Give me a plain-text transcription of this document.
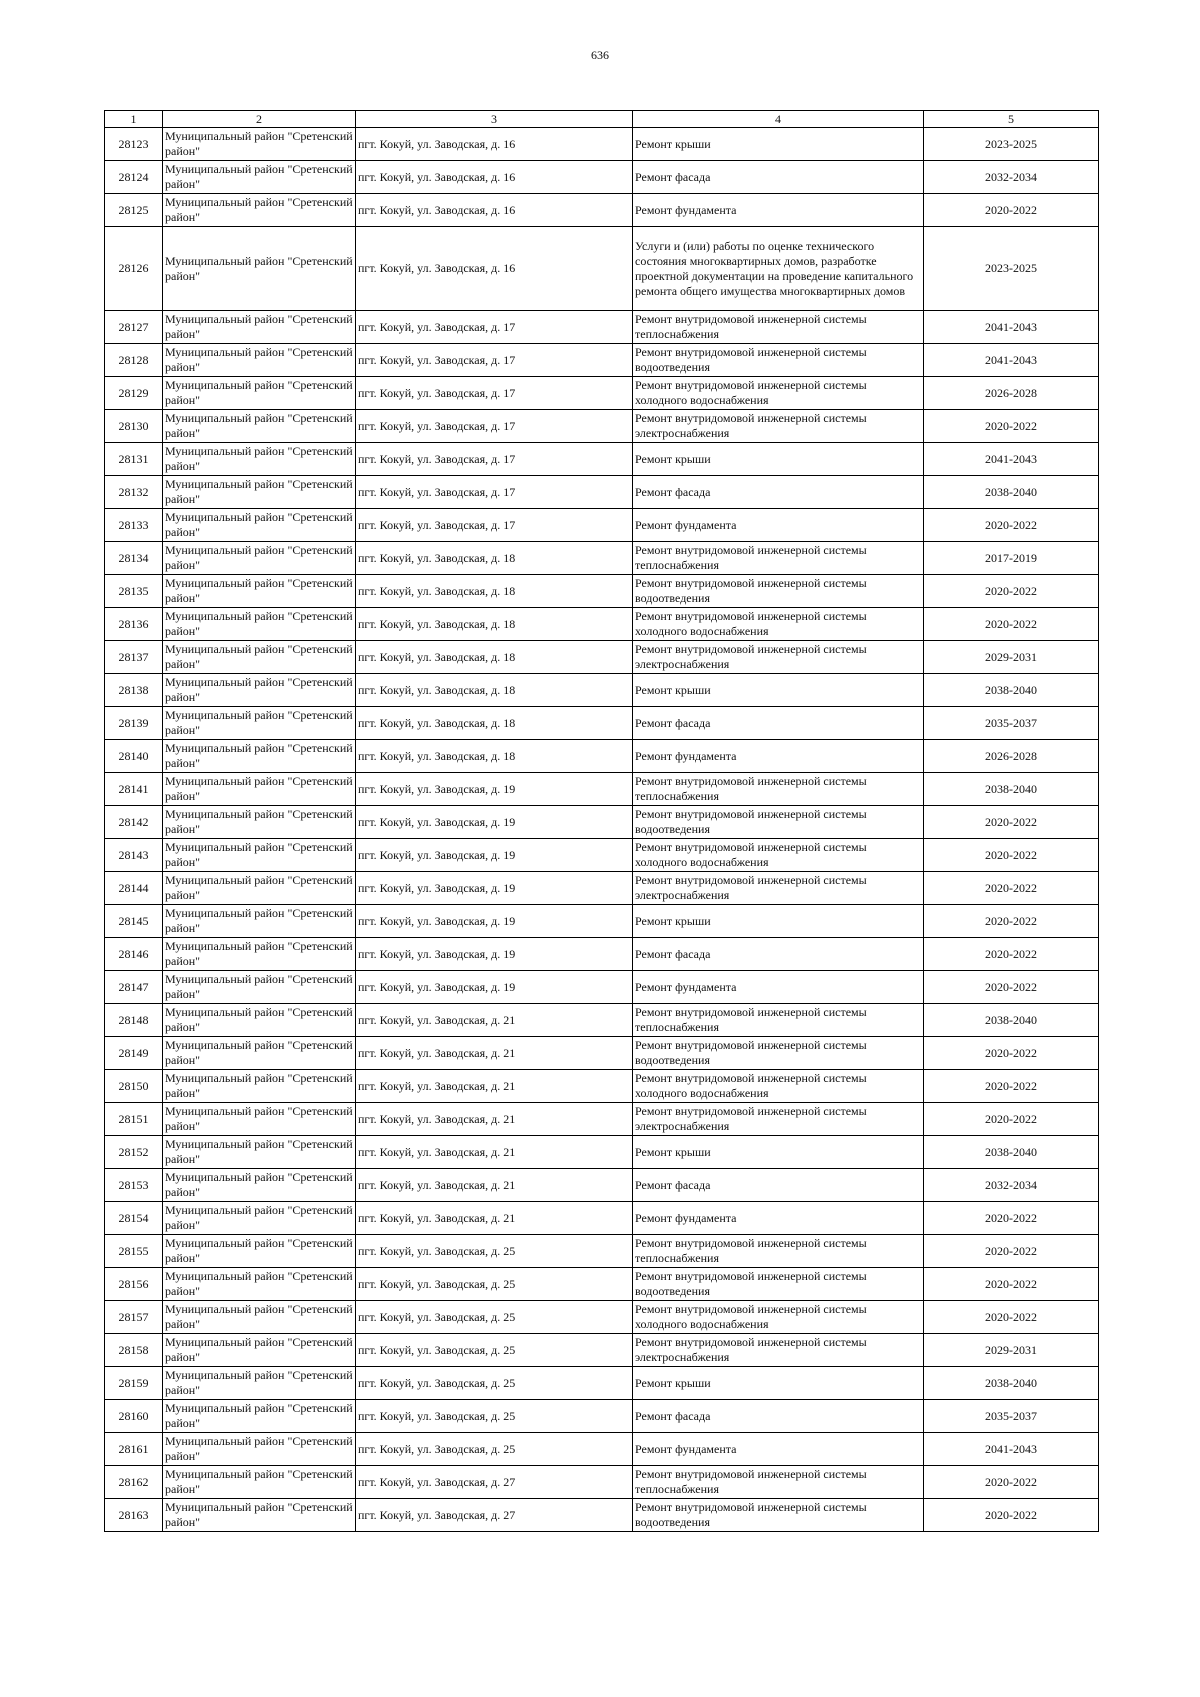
636
1	2	3	4	5
28123	Муниципальный район "Сретенский район"	пгт. Кокуй, ул. Заводская, д. 16	Ремонт крыши	2023-2025
28124	Муниципальный район "Сретенский район"	пгт. Кокуй, ул. Заводская, д. 16	Ремонт фасада	2032-2034
28125	Муниципальный район "Сретенский район"	пгт. Кокуй, ул. Заводская, д. 16	Ремонт фундамента	2020-2022
28126	Муниципальный район "Сретенский район"	пгт. Кокуй, ул. Заводская, д. 16	Услуги и (или) работы по оценке технического состояния многоквартирных домов, разработке проектной документации на проведение капитального ремонта общего имущества многоквартирных домов	2023-2025
28127	Муниципальный район "Сретенский район"	пгт. Кокуй, ул. Заводская, д. 17	Ремонт внутридомовой инженерной системы теплоснабжения	2041-2043
28128	Муниципальный район "Сретенский район"	пгт. Кокуй, ул. Заводская, д. 17	Ремонт внутридомовой инженерной системы водоотведения	2041-2043
28129	Муниципальный район "Сретенский район"	пгт. Кокуй, ул. Заводская, д. 17	Ремонт внутридомовой инженерной системы холодного водоснабжения	2026-2028
28130	Муниципальный район "Сретенский район"	пгт. Кокуй, ул. Заводская, д. 17	Ремонт внутридомовой инженерной системы электроснабжения	2020-2022
28131	Муниципальный район "Сретенский район"	пгт. Кокуй, ул. Заводская, д. 17	Ремонт крыши	2041-2043
28132	Муниципальный район "Сретенский район"	пгт. Кокуй, ул. Заводская, д. 17	Ремонт фасада	2038-2040
28133	Муниципальный район "Сретенский район"	пгт. Кокуй, ул. Заводская, д. 17	Ремонт фундамента	2020-2022
28134	Муниципальный район "Сретенский район"	пгт. Кокуй, ул. Заводская, д. 18	Ремонт внутридомовой инженерной системы теплоснабжения	2017-2019
28135	Муниципальный район "Сретенский район"	пгт. Кокуй, ул. Заводская, д. 18	Ремонт внутридомовой инженерной системы водоотведения	2020-2022
28136	Муниципальный район "Сретенский район"	пгт. Кокуй, ул. Заводская, д. 18	Ремонт внутридомовой инженерной системы холодного водоснабжения	2020-2022
28137	Муниципальный район "Сретенский район"	пгт. Кокуй, ул. Заводская, д. 18	Ремонт внутридомовой инженерной системы электроснабжения	2029-2031
28138	Муниципальный район "Сретенский район"	пгт. Кокуй, ул. Заводская, д. 18	Ремонт крыши	2038-2040
28139	Муниципальный район "Сретенский район"	пгт. Кокуй, ул. Заводская, д. 18	Ремонт фасада	2035-2037
28140	Муниципальный район "Сретенский район"	пгт. Кокуй, ул. Заводская, д. 18	Ремонт фундамента	2026-2028
28141	Муниципальный район "Сретенский район"	пгт. Кокуй, ул. Заводская, д. 19	Ремонт внутридомовой инженерной системы теплоснабжения	2038-2040
28142	Муниципальный район "Сретенский район"	пгт. Кокуй, ул. Заводская, д. 19	Ремонт внутридомовой инженерной системы водоотведения	2020-2022
28143	Муниципальный район "Сретенский район"	пгт. Кокуй, ул. Заводская, д. 19	Ремонт внутридомовой инженерной системы холодного водоснабжения	2020-2022
28144	Муниципальный район "Сретенский район"	пгт. Кокуй, ул. Заводская, д. 19	Ремонт внутридомовой инженерной системы электроснабжения	2020-2022
28145	Муниципальный район "Сретенский район"	пгт. Кокуй, ул. Заводская, д. 19	Ремонт крыши	2020-2022
28146	Муниципальный район "Сретенский район"	пгт. Кокуй, ул. Заводская, д. 19	Ремонт фасада	2020-2022
28147	Муниципальный район "Сретенский район"	пгт. Кокуй, ул. Заводская, д. 19	Ремонт фундамента	2020-2022
28148	Муниципальный район "Сретенский район"	пгт. Кокуй, ул. Заводская, д. 21	Ремонт внутридомовой инженерной системы теплоснабжения	2038-2040
28149	Муниципальный район "Сретенский район"	пгт. Кокуй, ул. Заводская, д. 21	Ремонт внутридомовой инженерной системы водоотведения	2020-2022
28150	Муниципальный район "Сретенский район"	пгт. Кокуй, ул. Заводская, д. 21	Ремонт внутридомовой инженерной системы холодного водоснабжения	2020-2022
28151	Муниципальный район "Сретенский район"	пгт. Кокуй, ул. Заводская, д. 21	Ремонт внутридомовой инженерной системы электроснабжения	2020-2022
28152	Муниципальный район "Сретенский район"	пгт. Кокуй, ул. Заводская, д. 21	Ремонт крыши	2038-2040
28153	Муниципальный район "Сретенский район"	пгт. Кокуй, ул. Заводская, д. 21	Ремонт фасада	2032-2034
28154	Муниципальный район "Сретенский район"	пгт. Кокуй, ул. Заводская, д. 21	Ремонт фундамента	2020-2022
28155	Муниципальный район "Сретенский район"	пгт. Кокуй, ул. Заводская, д. 25	Ремонт внутридомовой инженерной системы теплоснабжения	2020-2022
28156	Муниципальный район "Сретенский район"	пгт. Кокуй, ул. Заводская, д. 25	Ремонт внутридомовой инженерной системы водоотведения	2020-2022
28157	Муниципальный район "Сретенский район"	пгт. Кокуй, ул. Заводская, д. 25	Ремонт внутридомовой инженерной системы холодного водоснабжения	2020-2022
28158	Муниципальный район "Сретенский район"	пгт. Кокуй, ул. Заводская, д. 25	Ремонт внутридомовой инженерной системы электроснабжения	2029-2031
28159	Муниципальный район "Сретенский район"	пгт. Кокуй, ул. Заводская, д. 25	Ремонт крыши	2038-2040
28160	Муниципальный район "Сретенский район"	пгт. Кокуй, ул. Заводская, д. 25	Ремонт фасада	2035-2037
28161	Муниципальный район "Сретенский район"	пгт. Кокуй, ул. Заводская, д. 25	Ремонт фундамента	2041-2043
28162	Муниципальный район "Сретенский район"	пгт. Кокуй, ул. Заводская, д. 27	Ремонт внутридомовой инженерной системы теплоснабжения	2020-2022
28163	Муниципальный район "Сретенский район"	пгт. Кокуй, ул. Заводская, д. 27	Ремонт внутридомовой инженерной системы водоотведения	2020-2022
